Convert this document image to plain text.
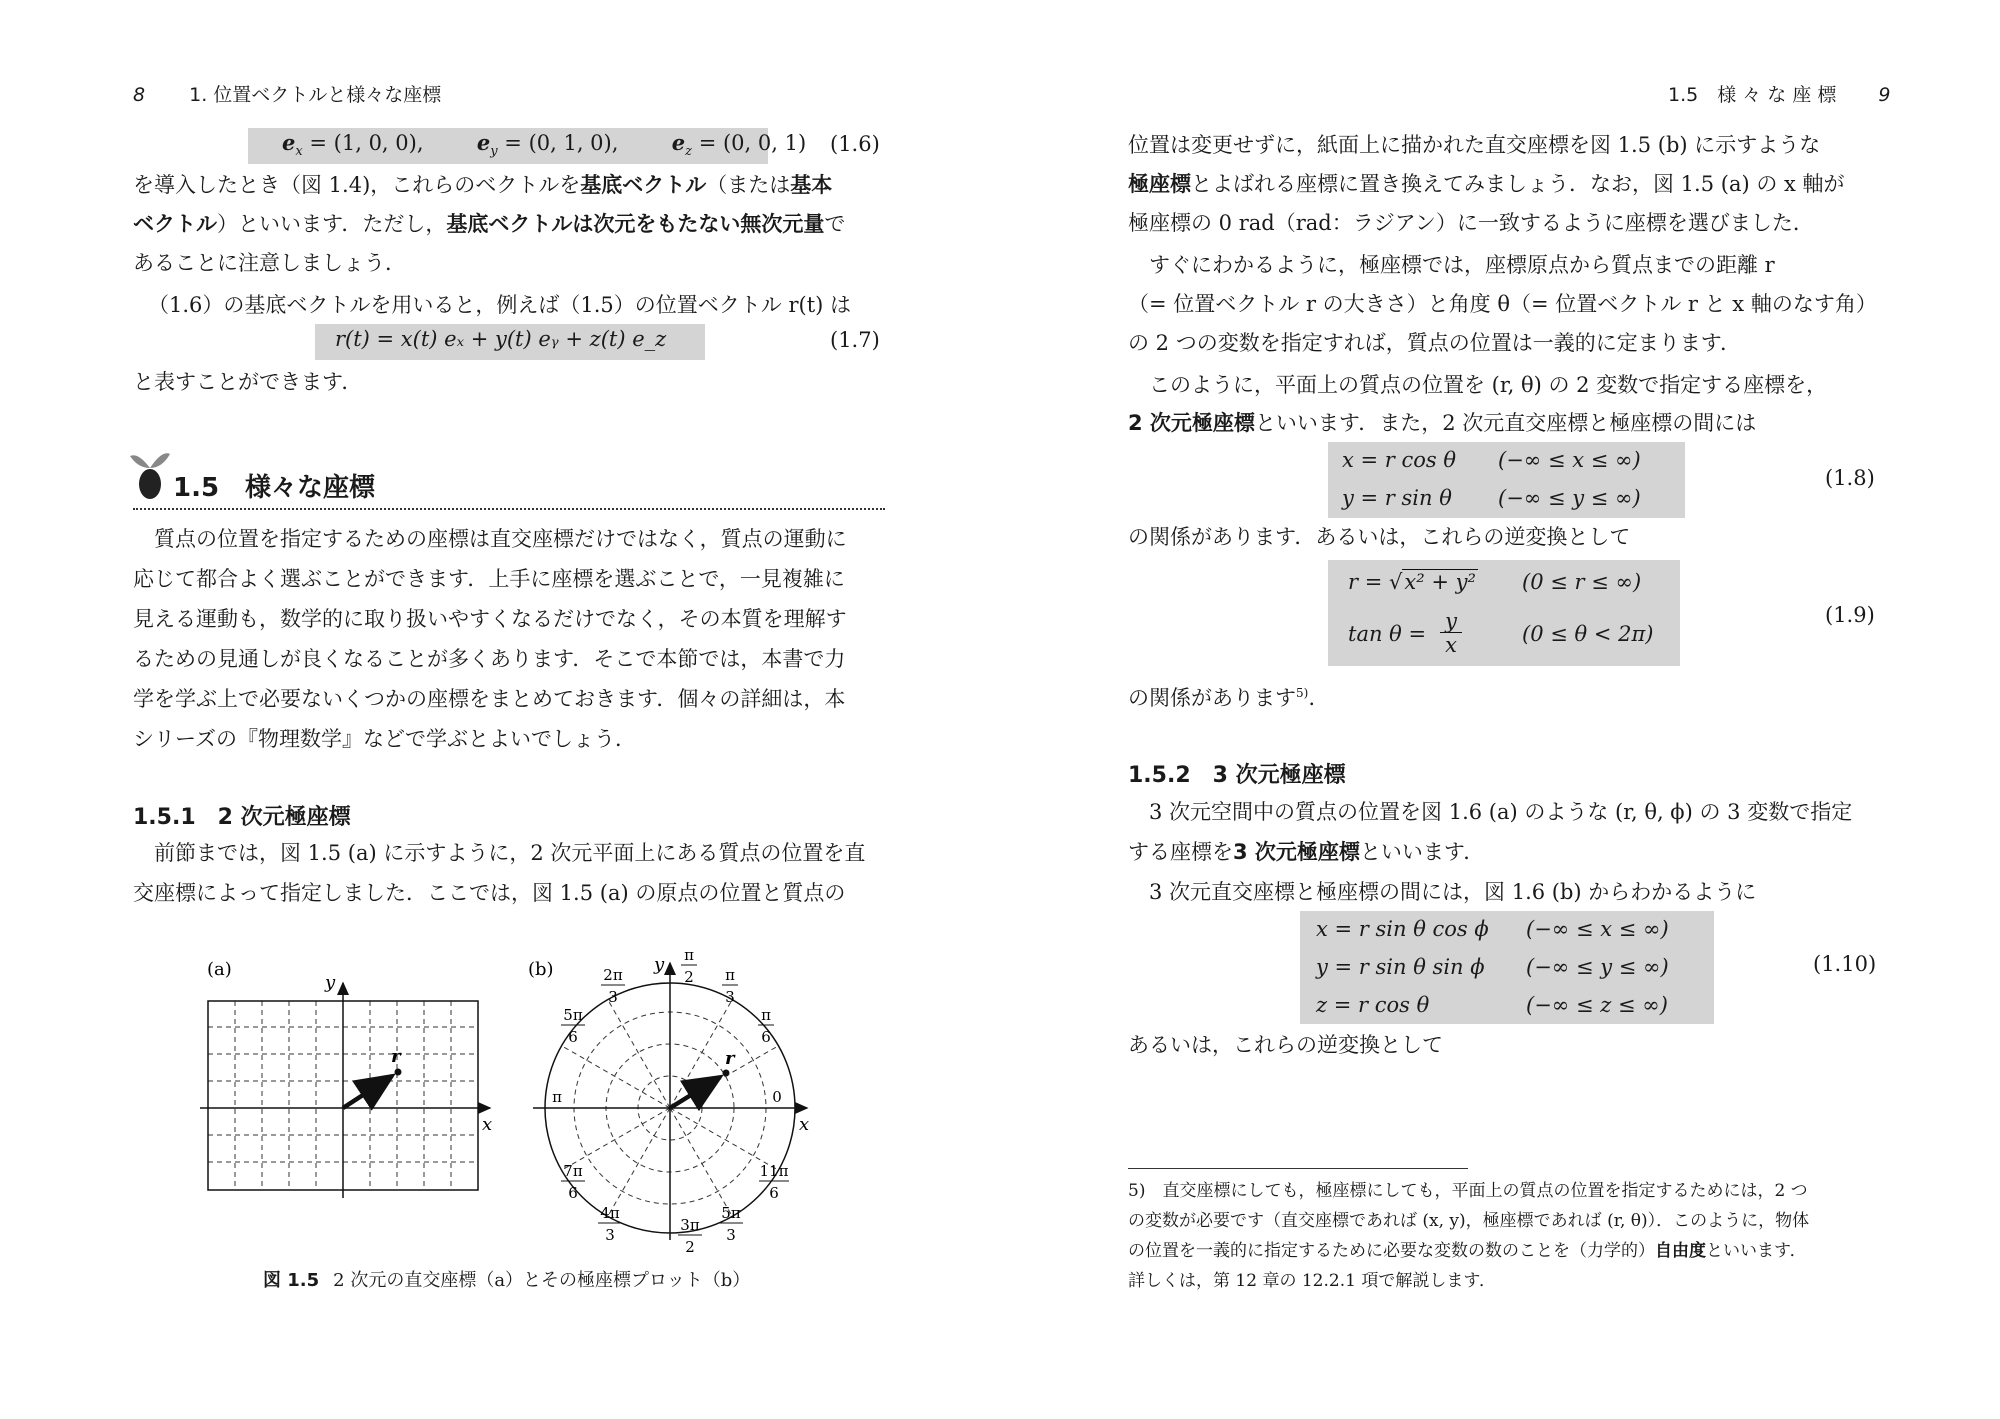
8 1. 位置ベクトルと様々な座標
$e_x = (1$, 0, 0),	$e_y = (0$, 1, 0),	$e_z = (0$, 0, 1) (1.6)
を導入したとき（図 1.4)，これらのベクトルを基底ベクトル（または基本
ベクトル）といいます．ただし，基底ベクトルは次元をもたない無次元量で
あることに注意しましょう．
（1.6）の基底ベクトルを用いると，例えば（1.5）の位置ベクトル r(t) は
r(t) = x(t) eₓ + y(t) eᵧ + z(t) e_z	(1.7)
と表すことができます．
1.5　様々な座標
　質点の位置を指定するための座標は直交座標だけではなく，質点の運動に
応じて都合よく選ぶことができます．上手に座標を選ぶことで，一見複雑に
見える運動も，数学的に取り扱いやすくなるだけでなく，その本質を理解す
るための見通しが良くなることが多くあります．そこで本節では，本書で力
学を学ぶ上で必要ないくつかの座標をまとめておきます．個々の詳細は，本
シリーズの『物理数学』などで学ぶとよいでしょう．
1.5.1　2 次元極座標
　前節までは，図 1.5 (a) に示すように，2 次元平面上にある質点の位置を直
交座標によって指定しました．ここでは，図 1.5 (a) の原点の位置と質点の
(a)
x
y
r
(b)
x
y
r
π
2 π
3
2π
3
π
6
5π
6
π	0
7π
6
11π
6
4π
3
3π
2
5π
3
図 1.5 2 次元の直交座標（a）とその極座標プロット（b）
1.5　様 々 な 座 標 9
位置は変更せずに，紙面上に描かれた直交座標を図 1.5 (b) に示すような
極座標とよばれる座標に置き換えてみましょう．なお，図 1.5 (a) の x 軸が
極座標の 0 rad（rad：ラジアン）に一致するように座標を選びました．
　すぐにわかるように，極座標では，座標原点から質点までの距離 r
（= 位置ベクトル r の大きさ）と角度 θ（= 位置ベクトル r と x 軸のなす角）
の 2 つの変数を指定すれば，質点の位置は一義的に定まります．
　このように，平面上の質点の位置を (r, θ) の 2 変数で指定する座標を，
2 次元極座標といいます．また，2 次元直交座標と極座標の間には
x = r cos θ (−∞ ≤ x ≤ ∞)
y = r sin θ (−∞ ≤ y ≤ ∞)
(1.8)
の関係があります．あるいは，これらの逆変換として
r = √x² + y² (0 ≤ r ≤ ∞)
tan θ =
y
x	(0 ≤ θ < 2π)
(1.9)
の関係があります$^{5)}$.
1.5.2　3 次元極座標
　3 次元空間中の質点の位置を図 1.6 (a) のような (r, θ, ϕ) の 3 変数で指定
する座標を3 次元極座標といいます．
　3 次元直交座標と極座標の間には，図 1.6 (b) からわかるように
x = r sin θ cos ϕ (−∞ ≤ x ≤ ∞)
y = r sin θ sin ϕ (−∞ ≤ y ≤ ∞)
z = r cos θ	(−∞ ≤ z ≤ ∞)
(1.10)
あるいは，これらの逆変換として
5)　直交座標にしても，極座標にしても，平面上の質点の位置を指定するためには，2 つ
の変数が必要です（直交座標であれば (x, y)，極座標であれば (r, θ)）．このように，物体
の位置を一義的に指定するために必要な変数の数のことを（力学的）自由度といいます．
詳しくは，第 12 章の 12.2.1 項で解説します．
